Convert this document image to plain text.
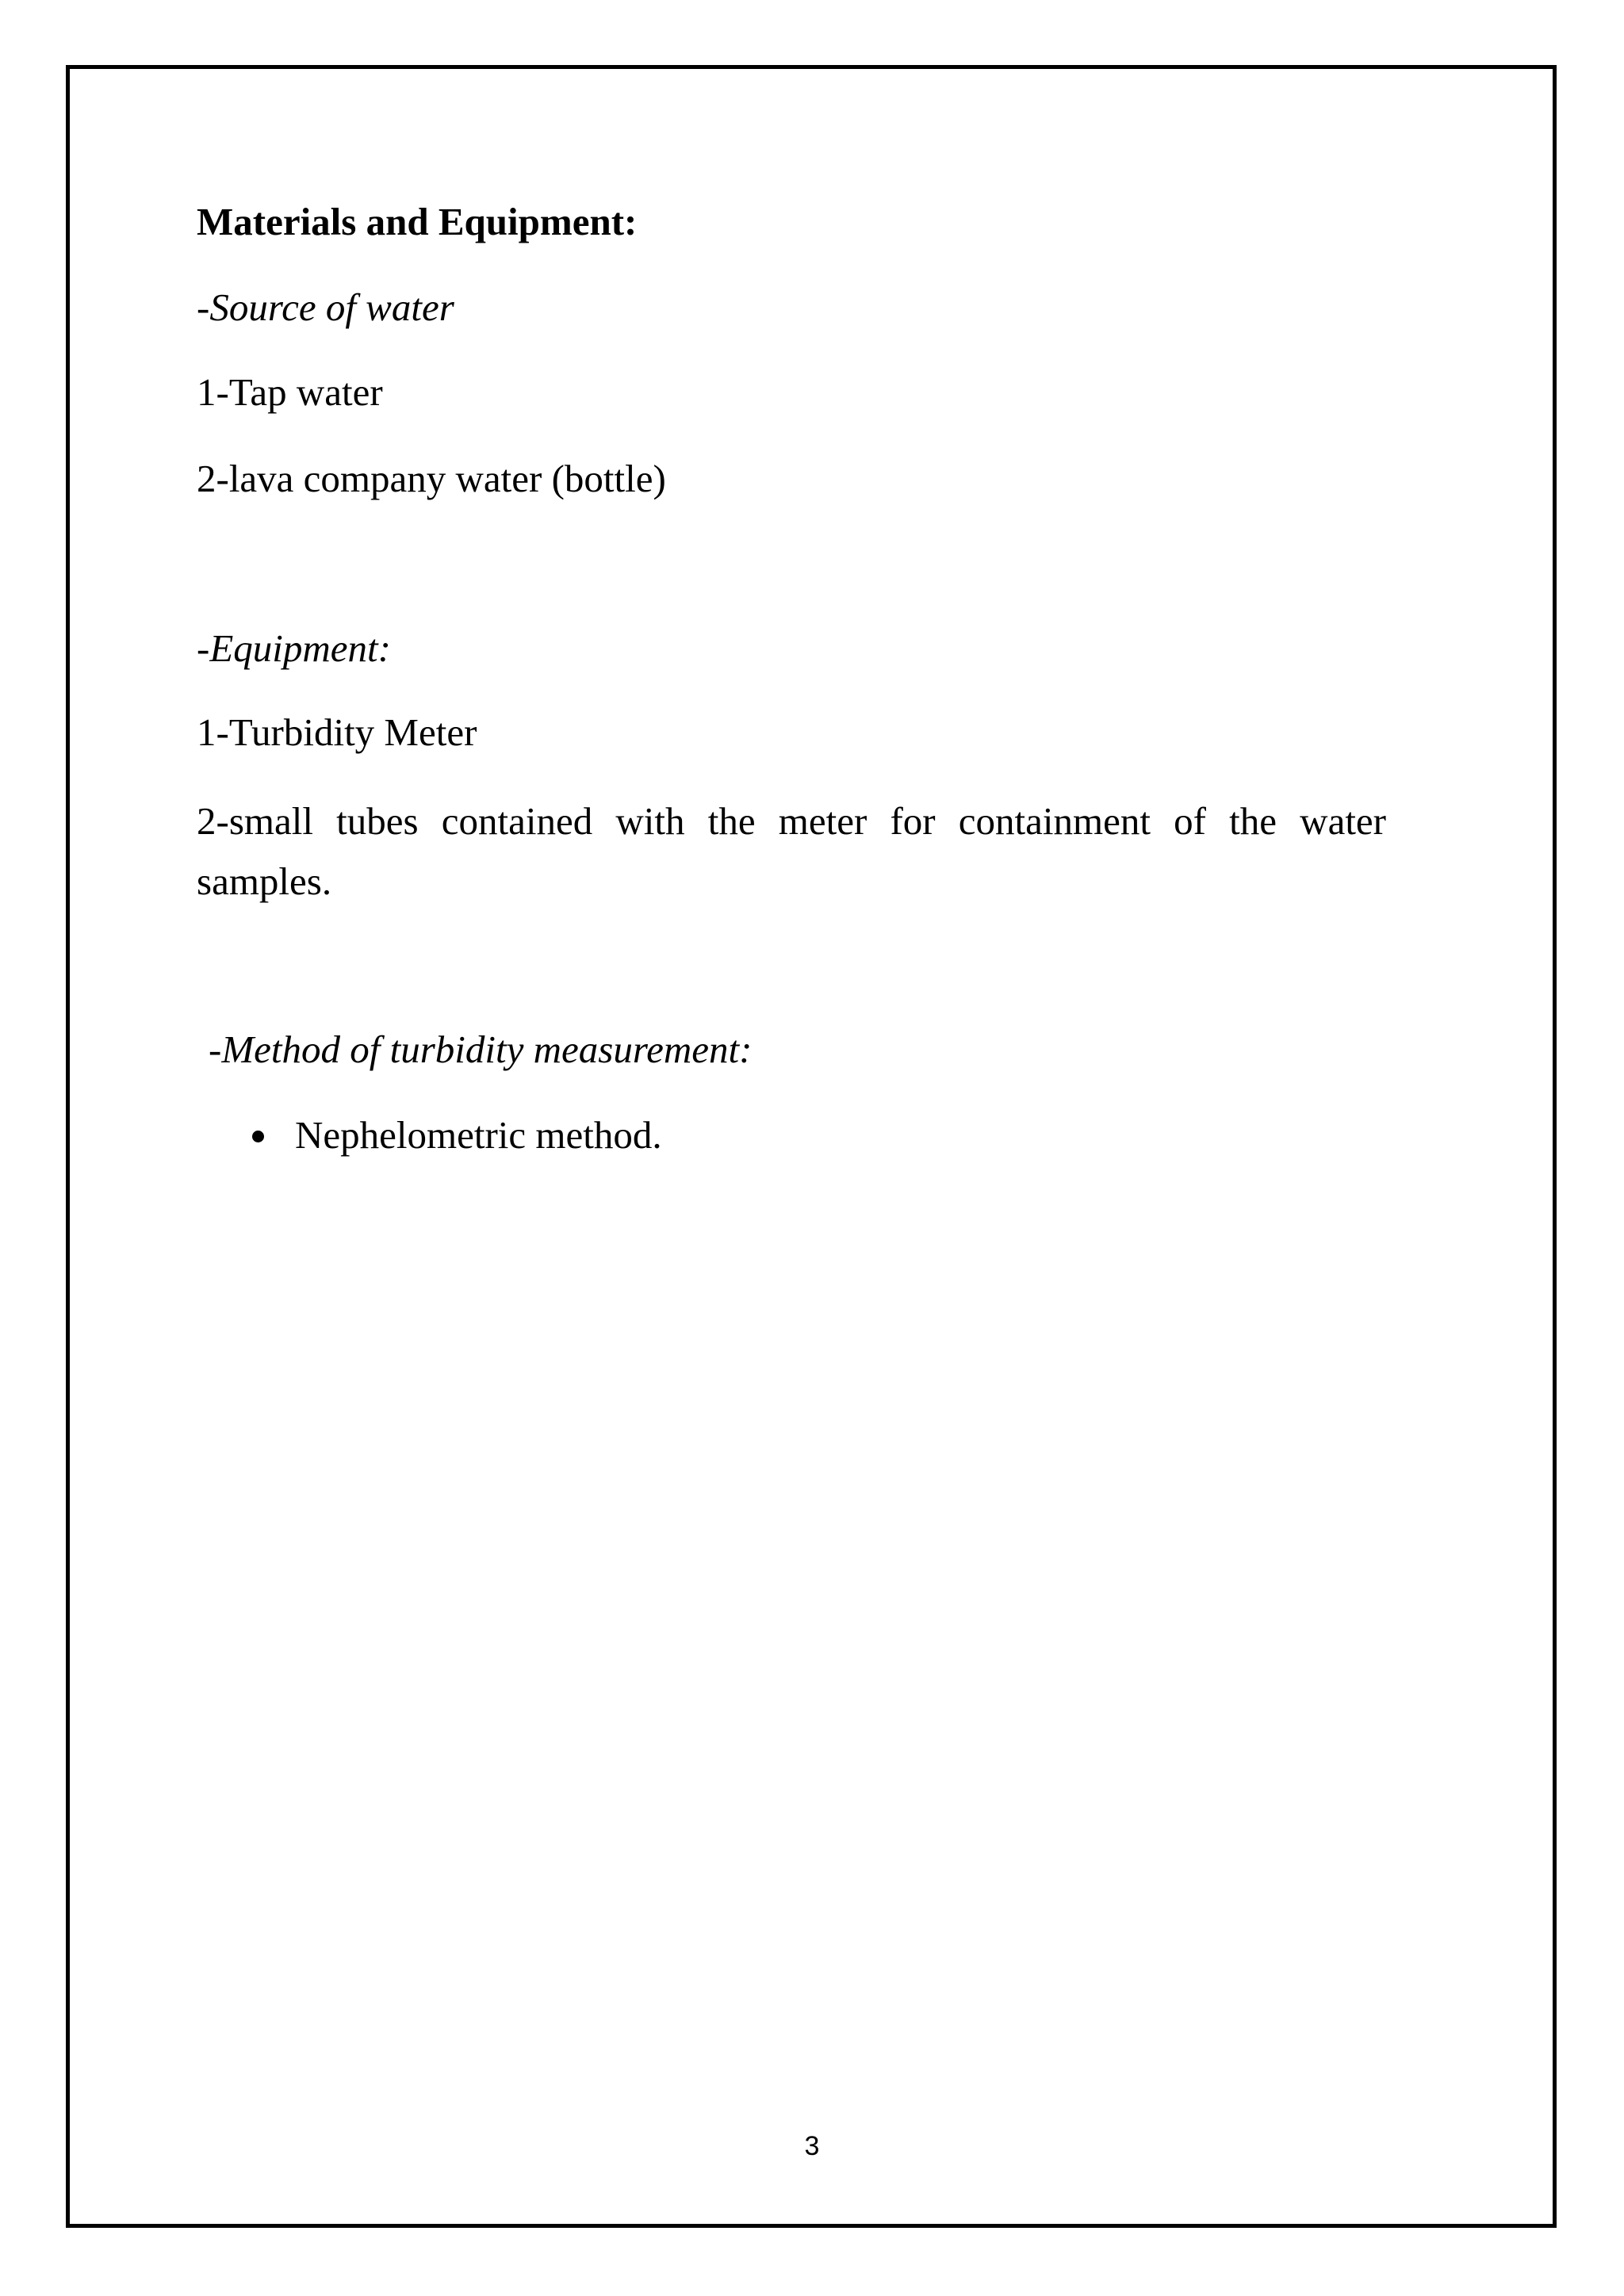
Materials and Equipment:
-Source of water
1-Tap water
2-lava company water (bottle)
-Equipment:
1-Turbidity Meter
2-small tubes contained with the meter for containment of the water samples.
-Method of turbidity measurement:
Nephelometric method.
3
